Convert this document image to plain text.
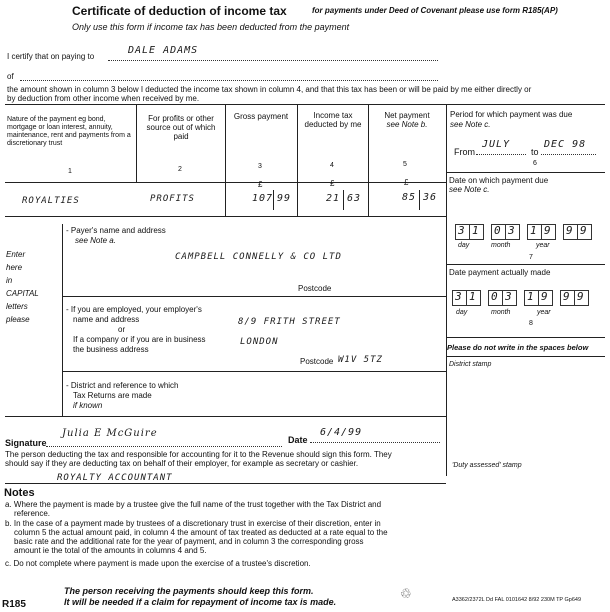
Certificate of deduction of income tax	for payments under Deed of Covenant please use form R185(AP)
Only use this form if income tax has been deducted from the payment
I certify that on paying to
DALE ADAMS
of
the amount shown in column 3 below I deducted the income tax shown in column 4, and that this tax has been or will be paid by me either directly or
by deduction from other income when received by me.
Nature of the payment eg bond, mortgage or loan interest, annuity, maintenance, rent and payments from a discretionary trust
For profits or other source out of which paid
Gross payment	Income tax deducted by me
Net payment
see Note b.
Period for which payment was due
see Note c.
1	2	3	4	5
From
JULY
to
DEC 98
6
£	£	£
ROYALTIES	PROFITS	107 99	21 63	85 36
Date on which payment due
see Note c.
3 1 0 3 1 9 9 9
day	month	year
7
Date payment actually made
3 1 0 3 1 9 9 9
day	month	year
8
Please do not write in the spaces below
District stamp
'Duty assessed' stamp
Enter
here
in
CAPITAL
letters
please
- Payer's name and address
see Note a.
CAMPBELL CONNELLY & CO LTD
Postcode
- If you are employed, your employer's
name and address
or
If a company or if you are in business
the business address
8/9 FRITH STREET
LONDON
Postcode W1V 5TZ
- District and reference to which
Tax Returns are made
if known
Signature
Julia E McGuire
Date
6/4/99
The person deducting the tax and responsible for accounting for it to the Revenue should sign this form. They
should say if they are deducting tax on behalf of their employer, for example as secretary or cashier.
ROYALTY ACCOUNTANT
Notes
a. Where the payment is made by a trustee give the full name of the trust together with the Tax District and
reference.
b. In the case of a payment made by trustees of a discretionary trust in exercise of their discretion, enter in
column 5 the actual amount paid, in column 4 the amount of tax treated as deducted at a rate equal to the
basic rate and the additional rate for the year of payment, and in column 3 the corresponding gross
amount ie the total of the amounts in columns 4 and 5.
c. Do not complete where payment is made upon the exercise of a trustee's discretion.
The person receiving the payments should keep this form.
It will be needed if a claim for repayment of income tax is made.
R185
♲	A3362/2372L Dd FAL 0101642 8/92 230M TP Gp649
